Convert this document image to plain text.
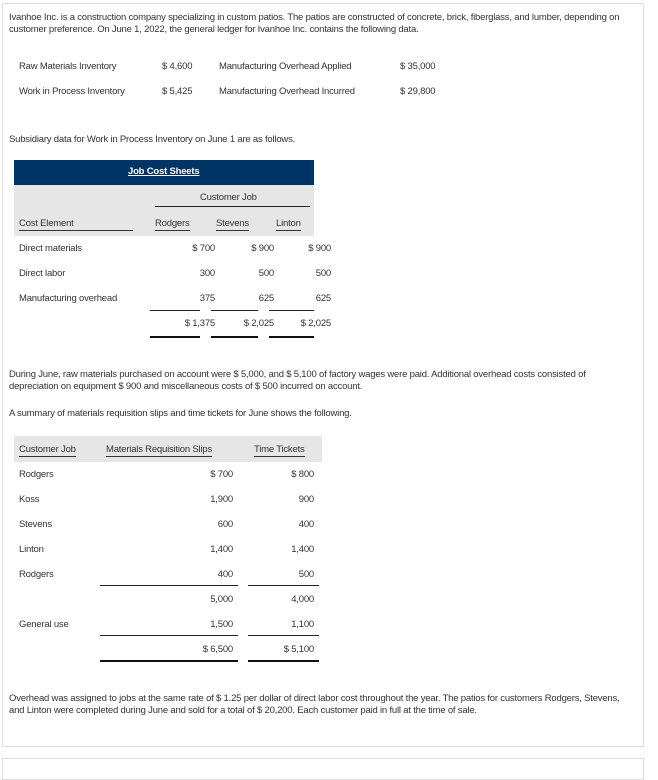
Ivanhoe Inc. is a construction company specializing in custom patios. The patios are constructed of concrete, brick, fiberglass, and lumber, depending on customer preference. On June 1, 2022, the general ledger for Ivanhoe Inc. contains the following data.

Raw Materials Inventory	$ 4,600	Manufacturing Overhead Applied	$ 35,000
Work in Process Inventory	$ 5,425	Manufacturing Overhead Incurred	$ 29,800

Subsidiary data for Work in Process Inventory on June 1 are as follows.

Job Cost Sheets
Customer Job
Cost Element	Rodgers	Stevens	Linton
Direct materials	$ 700	$ 900	$ 900
Direct labor	300	500	500
Manufacturing overhead	375	625	625
$ 1,375	$ 2,025	$ 2,025

During June, raw materials purchased on account were $ 5,000, and $ 5,100 of factory wages were paid. Additional overhead costs consisted of depreciation on equipment $ 900 and miscellaneous costs of $ 500 incurred on account.

A summary of materials requisition slips and time tickets for June shows the following.

Customer Job	Materials Requisition Slips	Time Tickets
Rodgers	$ 700	$ 800
Koss	1,900	900
Stevens	600	400
Linton	1,400	1,400
Rodgers	400	500
5,000	4,000
General use	1,500	1,100
$ 6,500	$ 5,100

Overhead was assigned to jobs at the same rate of $ 1.25 per dollar of direct labor cost throughout the year. The patios for customers Rodgers, Stevens, and Linton were completed during June and sold for a total of $ 20,200. Each customer paid in full at the time of sale.
